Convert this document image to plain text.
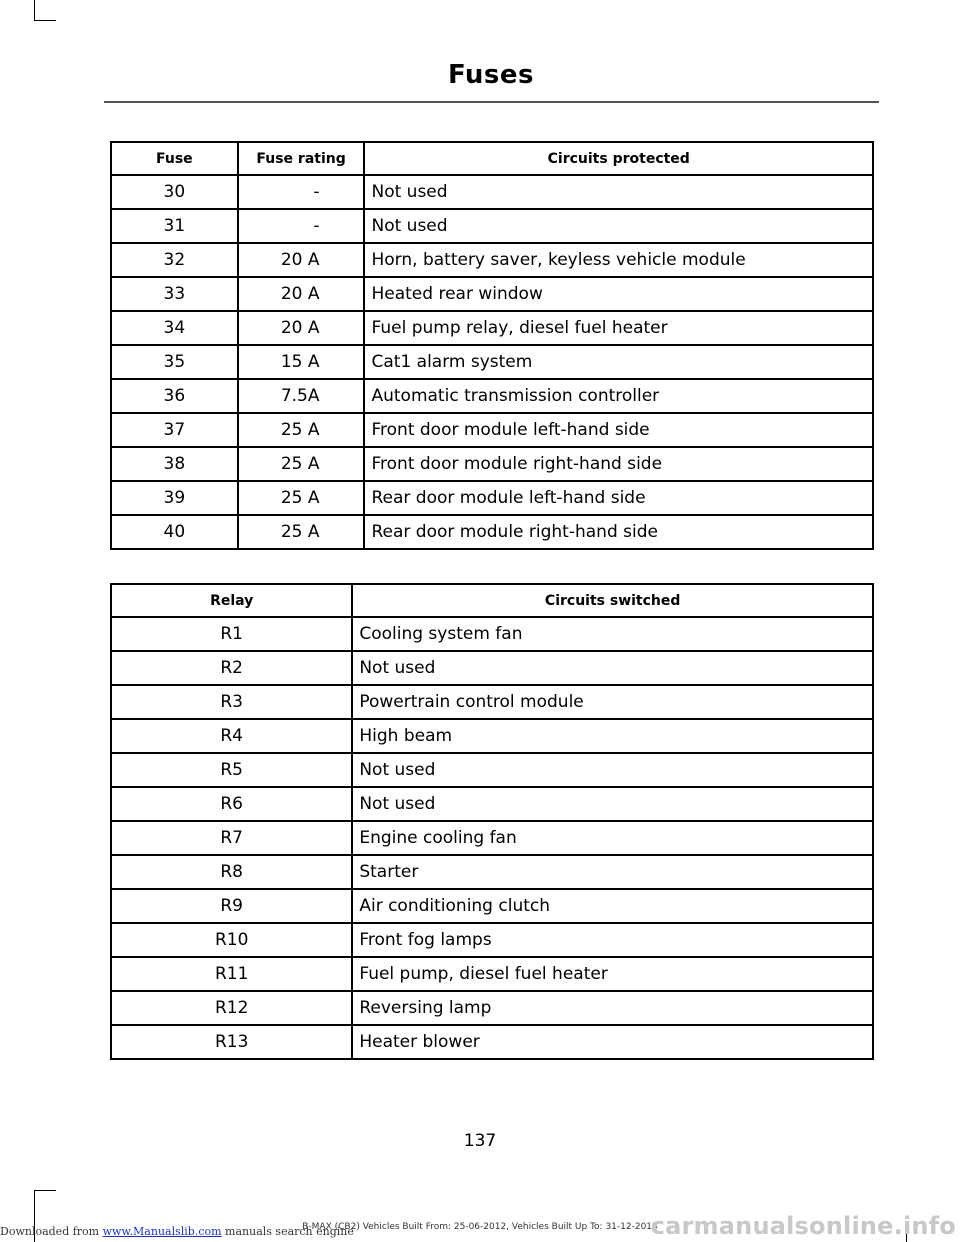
Fuses
Fuse	Fuse rating	Circuits protected
30	-	Not used
31	-	Not used
32	20 A	Horn, battery saver, keyless vehicle module
33	20 A	Heated rear window
34	20 A	Fuel pump relay, diesel fuel heater
35	15 A	Cat1 alarm system
36	7.5A	Automatic transmission controller
37	25 A	Front door module left-hand side
38	25 A	Front door module right-hand side
39	25 A	Rear door module left-hand side
40	25 A	Rear door module right-hand side
Relay	Circuits switched
R1	Cooling system fan
R2	Not used
R3	Powertrain control module
R4	High beam
R5	Not used
R6	Not used
R7	Engine cooling fan
R8	Starter
R9	Air conditioning clutch
R10	Front fog lamps
R11	Fuel pump, diesel fuel heater
R12	Reversing lamp
R13	Heater blower
137
B-MAX (CB2) Vehicles Built From: 25-06-2012, Vehicles Built Up To: 31-12-2013
Downloaded from www.Manualslib.com manuals search engine	carmanualsonline.info
